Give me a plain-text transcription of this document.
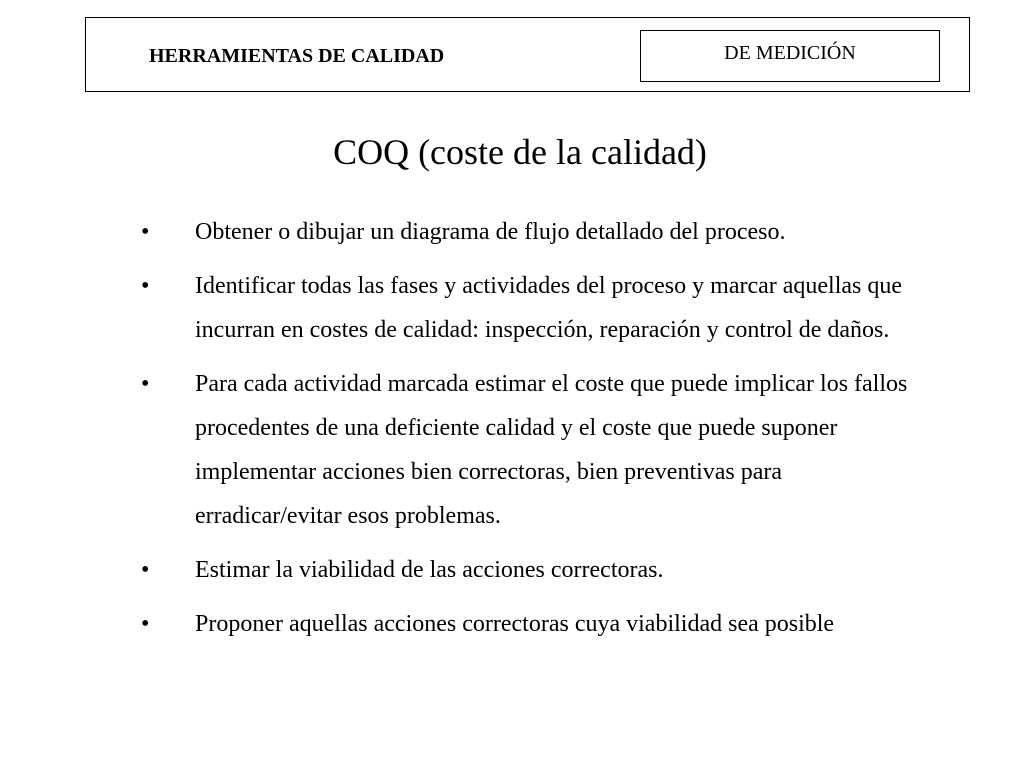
HERRAMIENTAS DE CALIDAD	DE MEDICIÓN
COQ (coste de la calidad)
•	Obtener o dibujar un diagrama de flujo detallado del proceso.
•	Identificar todas las fases y actividades del proceso y marcar aquellas que incurran en costes de calidad: inspección, reparación y control de daños.
•	Para cada actividad marcada estimar el coste que puede implicar los fallos procedentes de una deficiente calidad y el coste que puede suponer implementar acciones bien correctoras, bien preventivas para erradicar/evitar esos problemas.
•	Estimar la viabilidad de las acciones correctoras.
•	Proponer aquellas acciones correctoras cuya viabilidad sea posible
